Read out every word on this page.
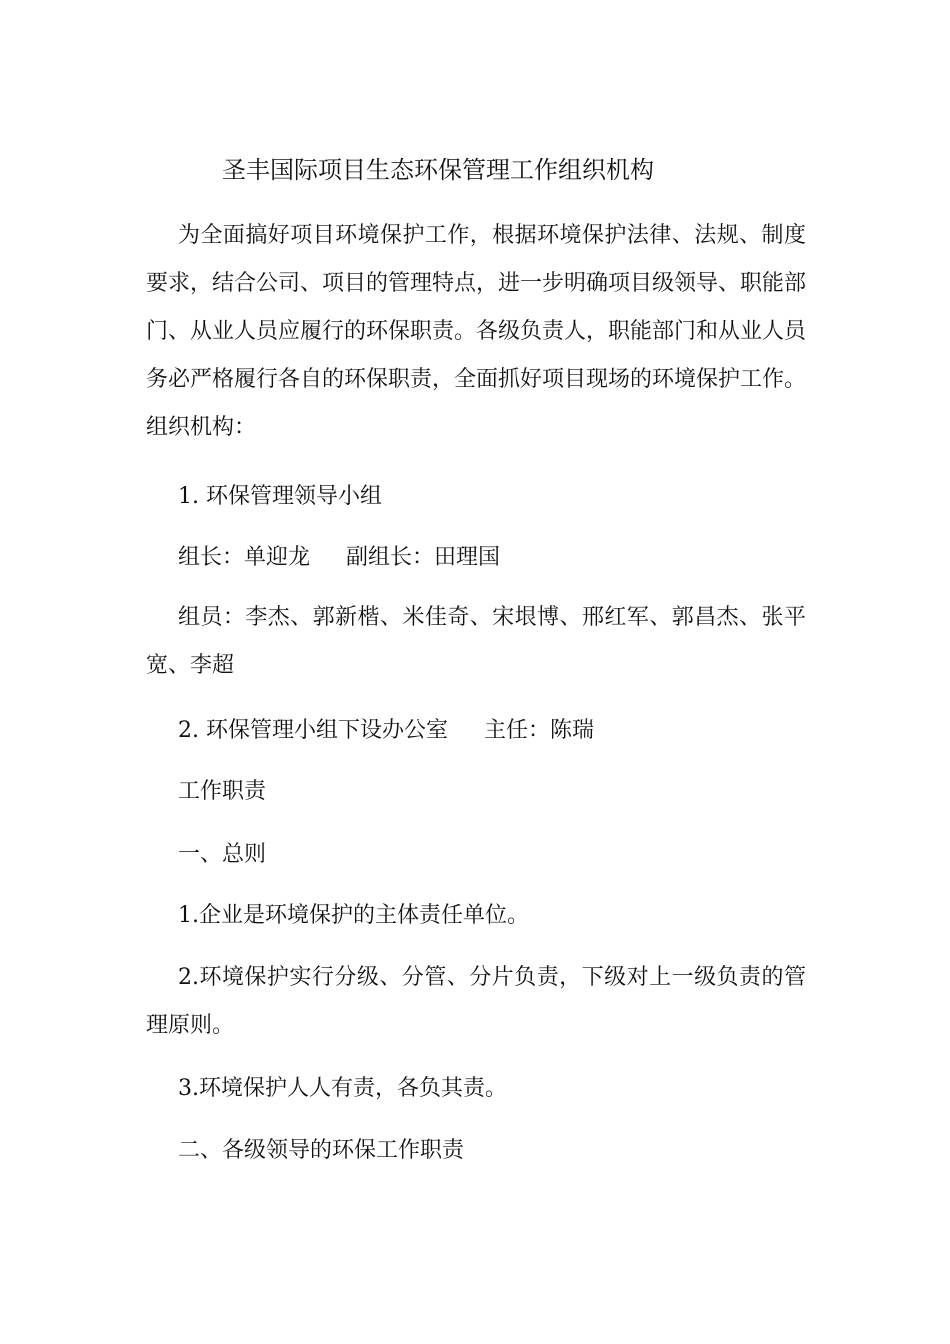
圣丰国际项目生态环保管理工作组织机构
为全面搞好项目环境保护工作，根据环境保护法律、法规、制度要求，结合公司、项目的管理特点，进一步明确项目级领导、职能部门、从业人员应履行的环保职责。各级负责人，职能部门和从业人员务必严格履行各自的环保职责，全面抓好项目现场的环境保护工作。组织机构：
1. 环保管理领导小组
组长：单迎龙 副组长：田理国
组员：李杰、郭新楷、米佳奇、宋垠博、邢红军、郭昌杰、张平宽、李超
2. 环保管理小组下设办公室 主任：陈瑞
工作职责
一、总则
1.企业是环境保护的主体责任单位。
2.环境保护实行分级、分管、分片负责，下级对上一级负责的管理原则。
3.环境保护人人有责，各负其责。
二、各级领导的环保工作职责
